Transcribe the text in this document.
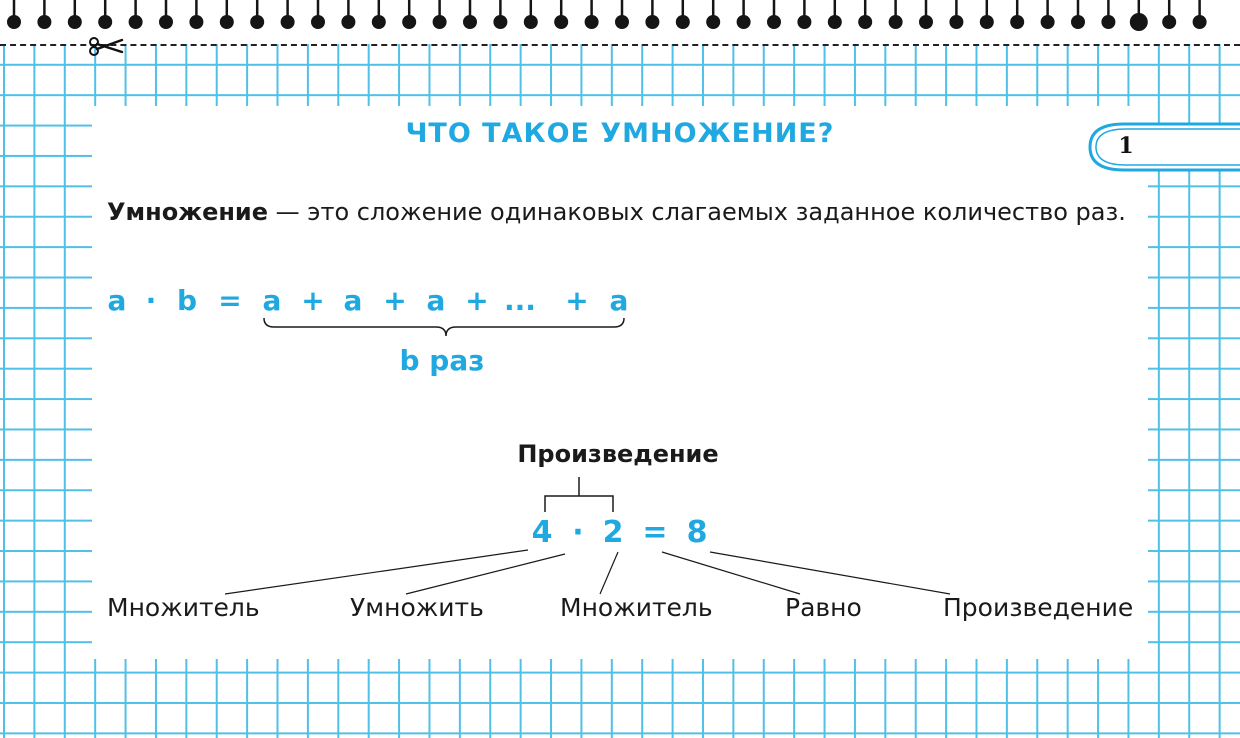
1
ЧТО ТАКОЕ УМНОЖЕНИЕ?
Умножение — это сложение одинаковых слагаемых заданное количество раз.
a · b = a + a + a + ... + a
b раз
4 · 2 = 8
Произведение
Множитель	Умножить	Множитель	Равно	Произведение
